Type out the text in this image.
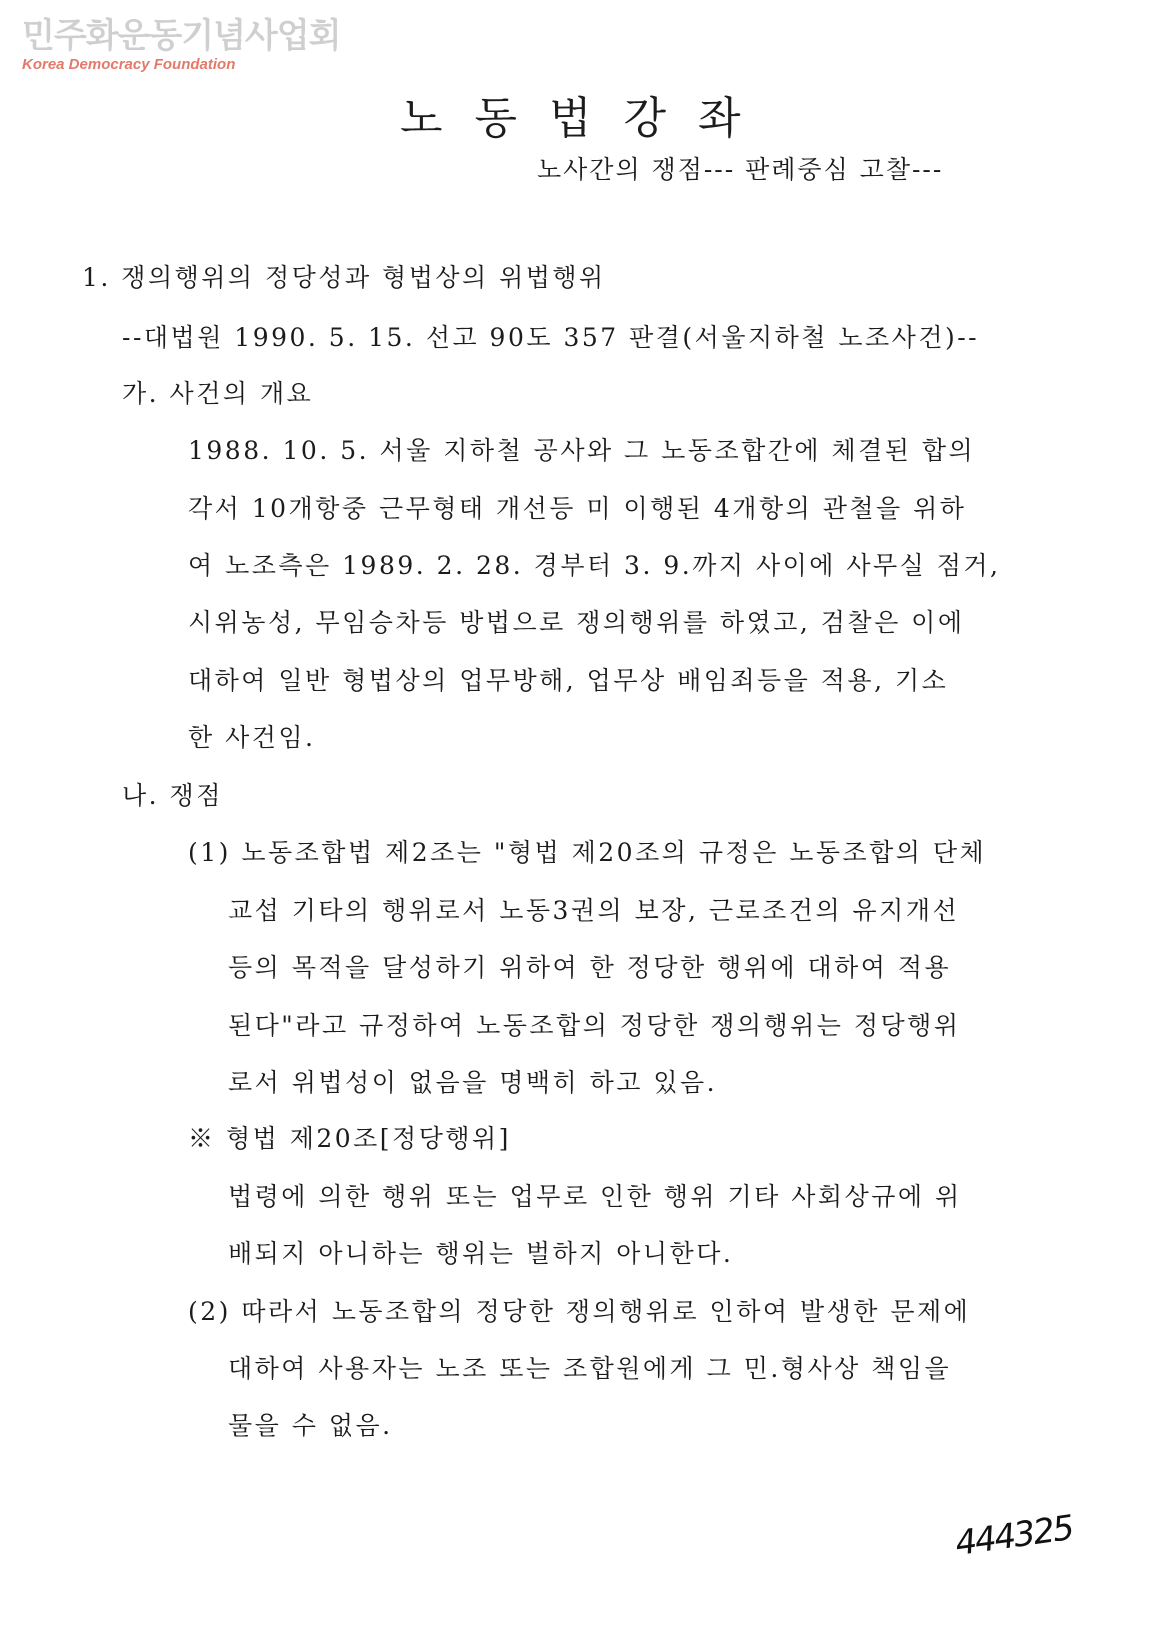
민주화운동기념사업회
Korea Democracy Foundation
노동법강좌
노사간의 쟁점--- 판례중심 고찰---
1. 쟁의행위의 정당성과 형법상의 위법행위
--대법원 1990. 5. 15. 선고 90도 357 판결(서울지하철 노조사건)--
가. 사건의 개요
1988. 10. 5. 서울 지하철 공사와 그 노동조합간에 체결된 합의
각서 10개항중 근무형태 개선등 미 이행된 4개항의 관철을 위하
여 노조측은 1989. 2. 28. 경부터 3. 9.까지 사이에 사무실 점거,
시위농성, 무임승차등 방법으로 쟁의행위를 하였고, 검찰은 이에
대하여 일반 형법상의 업무방해, 업무상 배임죄등을 적용, 기소
한 사건임.
나. 쟁점
(1) 노동조합법 제2조는 "형법 제20조의 규정은 노동조합의 단체
교섭 기타의 행위로서 노동3권의 보장, 근로조건의 유지개선
등의 목적을 달성하기 위하여 한 정당한 행위에 대하여 적용
된다"라고 규정하여 노동조합의 정당한 쟁의행위는 정당행위
로서 위법성이 없음을 명백히 하고 있음.
※ 형법 제20조[정당행위]
법령에 의한 행위 또는 업무로 인한 행위 기타 사회상규에 위
배되지 아니하는 행위는 벌하지 아니한다.
(2) 따라서 노동조합의 정당한 쟁의행위로 인하여 발생한 문제에
대하여 사용자는 노조 또는 조합원에게 그 민.형사상 책임을
물을 수 없음.
444325
